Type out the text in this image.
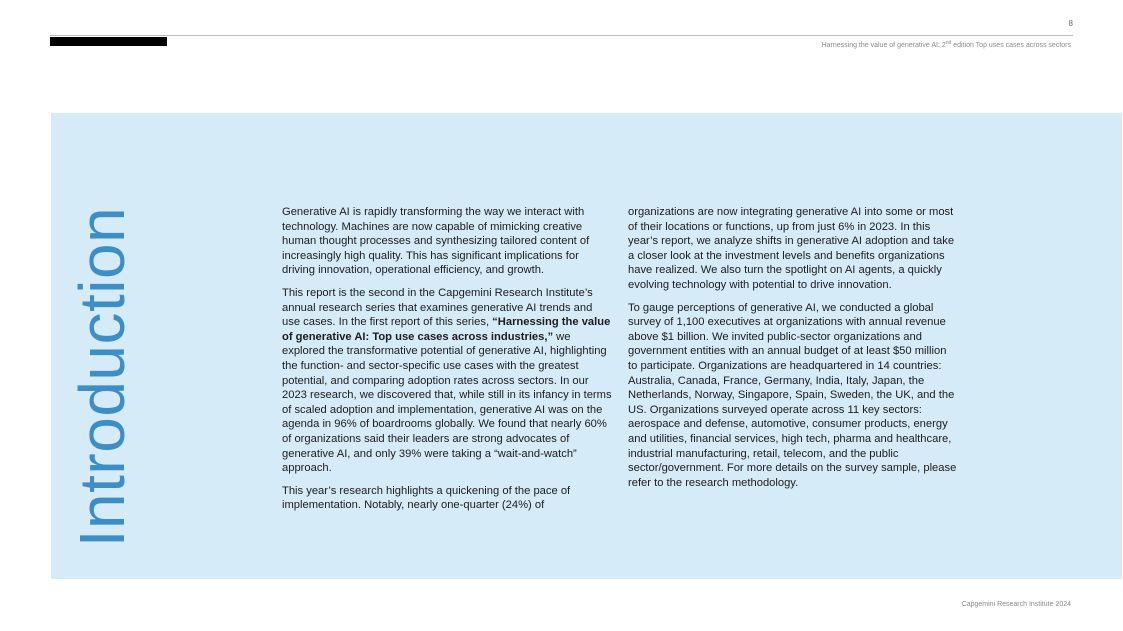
8
Harnessing the value of generative AI: 2nd edition Top uses cases across sectors
Introduction	Generative AI is rapidly transforming the way we interact with technology. Machines are now capable of mimicking creative human thought processes and synthesizing tailored content of increasingly high quality. This has significant implications for driving innovation, operational efficiency, and growth.

This report is the second in the Capgemini Research Institute’s annual research series that examines generative AI trends and use cases. In the first report of this series, “Harnessing the value of generative AI: Top use cases across industries,” we explored the transformative potential of generative AI, highlighting the function- and sector-specific use cases with the greatest potential, and comparing adoption rates across sectors. In our 2023 research, we discovered that, while still in its infancy in terms of scaled adoption and implementation, generative AI was on the agenda in 96% of boardrooms globally. We found that nearly 60% of organizations said their leaders are strong advocates of generative AI, and only 39% were taking a “wait-and-watch” approach.

This year’s research highlights a quickening of the pace of implementation. Notably, nearly one-quarter (24%) of

organizations are now integrating generative AI into some or most of their locations or functions, up from just 6% in 2023. In this year’s report, we analyze shifts in generative AI adoption and take a closer look at the investment levels and benefits organizations have realized. We also turn the spotlight on AI agents, a quickly evolving technology with potential to drive innovation.

To gauge perceptions of generative AI, we conducted a global survey of 1,100 executives at organizations with annual revenue above $1 billion. We invited public-sector organizations and government entities with an annual budget of at least $50 million to participate. Organizations are headquartered in 14 countries: Australia, Canada, France, Germany, India, Italy, Japan, the Netherlands, Norway, Singapore, Spain, Sweden, the UK, and the US. Organizations surveyed operate across 11 key sectors: aerospace and defense, automotive, consumer products, energy and utilities, financial services, high tech, pharma and healthcare, industrial manufacturing, retail, telecom, and the public sector/government. For more details on the survey sample, please refer to the research methodology.

Capgemini Research Institute 2024
